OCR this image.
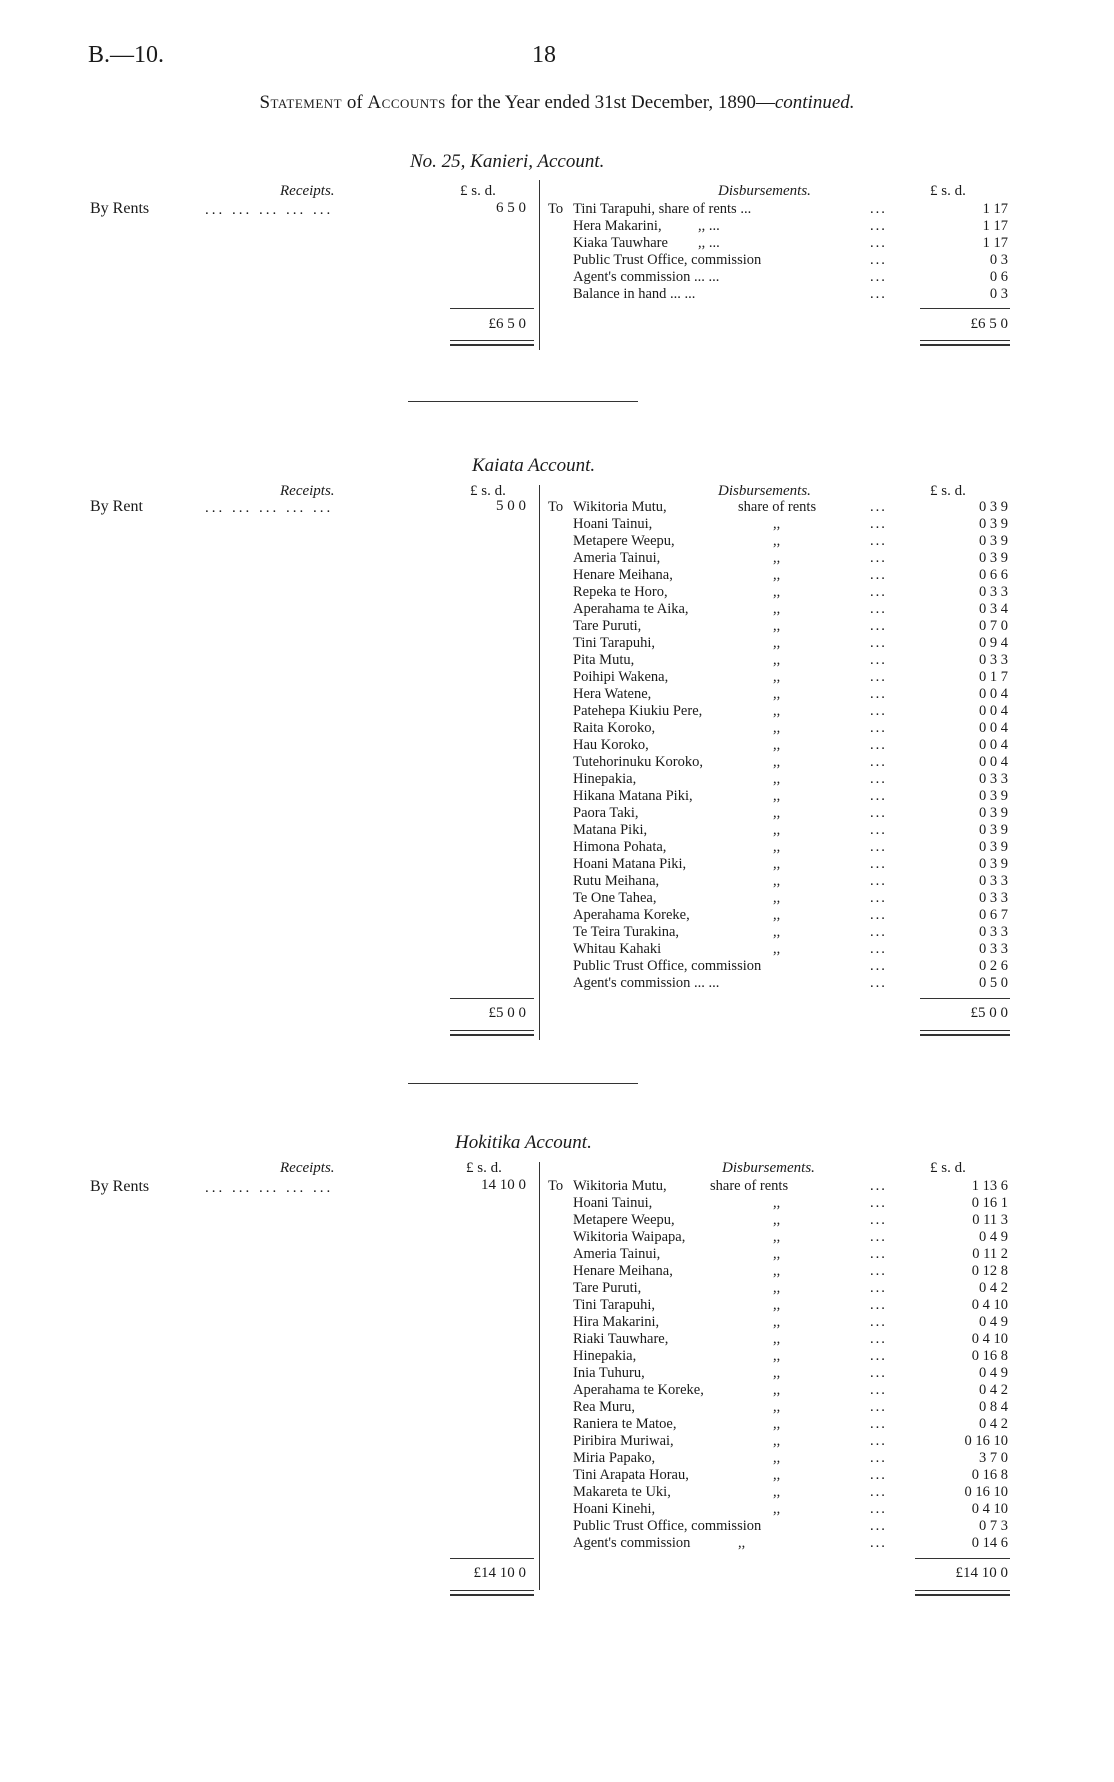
B.—10.	18
Statement of Accounts for the Year ended 31st December, 1890—continued.
No. 25, Kanieri, Account.
Receipts.	£ s. d.	Disbursements.	£ s. d.
By Rents	... ... ... ... ...	6 5 0 To Tini Tarapuhi, share of rents ...	...	1 17
Hera Makarini,	,, ...	...	1 17
Kiaka Tauwhare ,, ...	...	1 17
Public Trust Office, commission	...	0 3
Agent's commission ... ...	...	0 6
Balance in hand ... ...	...	0 3
£6 5 0	£6 5 0
Kaiata Account.
Receipts.	£ s. d.	Disbursements.	£ s. d.
By Rent	... ... ... ... ...	5 0 0 To Wikitoria Mutu,	share of rents	...	0 3 9
Hoani Tainui,	,,	...	0 3 9
Metapere Weepu,	,,	...	0 3 9
Ameria Tainui,	,,	...	0 3 9
Henare Meihana,	,,	...	0 6 6
Repeka te Horo,	,,	...	0 3 3
Aperahama te Aika,	,,	...	0 3 4
Tare Puruti,	,,	...	0 7 0
Tini Tarapuhi,	,,	...	0 9 4
Pita Mutu,	,,	...	0 3 3
Poihipi Wakena,	,,	...	0 1 7
Hera Watene,	,,	...	0 0 4
Patehepa Kiukiu Pere,	,,	...	0 0 4
Raita Koroko,	,,	...	0 0 4
Hau Koroko,	,,	...	0 0 4
Tutehorinuku Koroko,	,,	...	0 0 4
Hinepakia,	,,	...	0 3 3
Hikana Matana Piki,	,,	...	0 3 9
Paora Taki,	,,	...	0 3 9
Matana Piki,	,,	...	0 3 9
Himona Pohata,	,,	...	0 3 9
Hoani Matana Piki,	,,	...	0 3 9
Rutu Meihana,	,,	...	0 3 3
Te One Tahea,	,,	...	0 3 3
Aperahama Koreke,	,,	...	0 6 7
Te Teira Turakina,	,,	...	0 3 3
Whitau Kahaki	,,	...	0 3 3
Public Trust Office, commission	...	0 2 6
Agent's commission ... ...	...	0 5 0
£5 0 0	£5 0 0
Hokitika Account.
Receipts.	£ s. d.	Disbursements.	£ s. d.
By Rents	... ... ... ... ...	14 10 0 To Wikitoria Mutu,	share of rents	...	1 13 6
Hoani Tainui,	,,	...	0 16 1
Metapere Weepu,	,,	...	0 11 3
Wikitoria Waipapa,	,,	...	0 4 9
Ameria Tainui,	,,	...	0 11 2
Henare Meihana,	,,	...	0 12 8
Tare Puruti,	,,	...	0 4 2
Tini Tarapuhi,	,,	...	0 4 10
Hira Makarini,	,,	...	0 4 9
Riaki Tauwhare,	,,	...	0 4 10
Hinepakia,	,,	...	0 16 8
Inia Tuhuru,	,,	...	0 4 9
Aperahama te Koreke,	,,	...	0 4 2
Rea Muru,	,,	...	0 8 4
Raniera te Matoe,	,,	...	0 4 2
Piribira Muriwai,	,,	...	0 16 10
Miria Papako,	,,	...	3 7 0
Tini Arapata Horau,	,,	...	0 16 8
Makareta te Uki,	,,	...	0 16 10
Hoani Kinehi,	,,	...	0 4 10
Public Trust Office, commission	...	0 7 3
Agent's commission	,,	...	0 14 6
£14 10 0	£14 10 0
